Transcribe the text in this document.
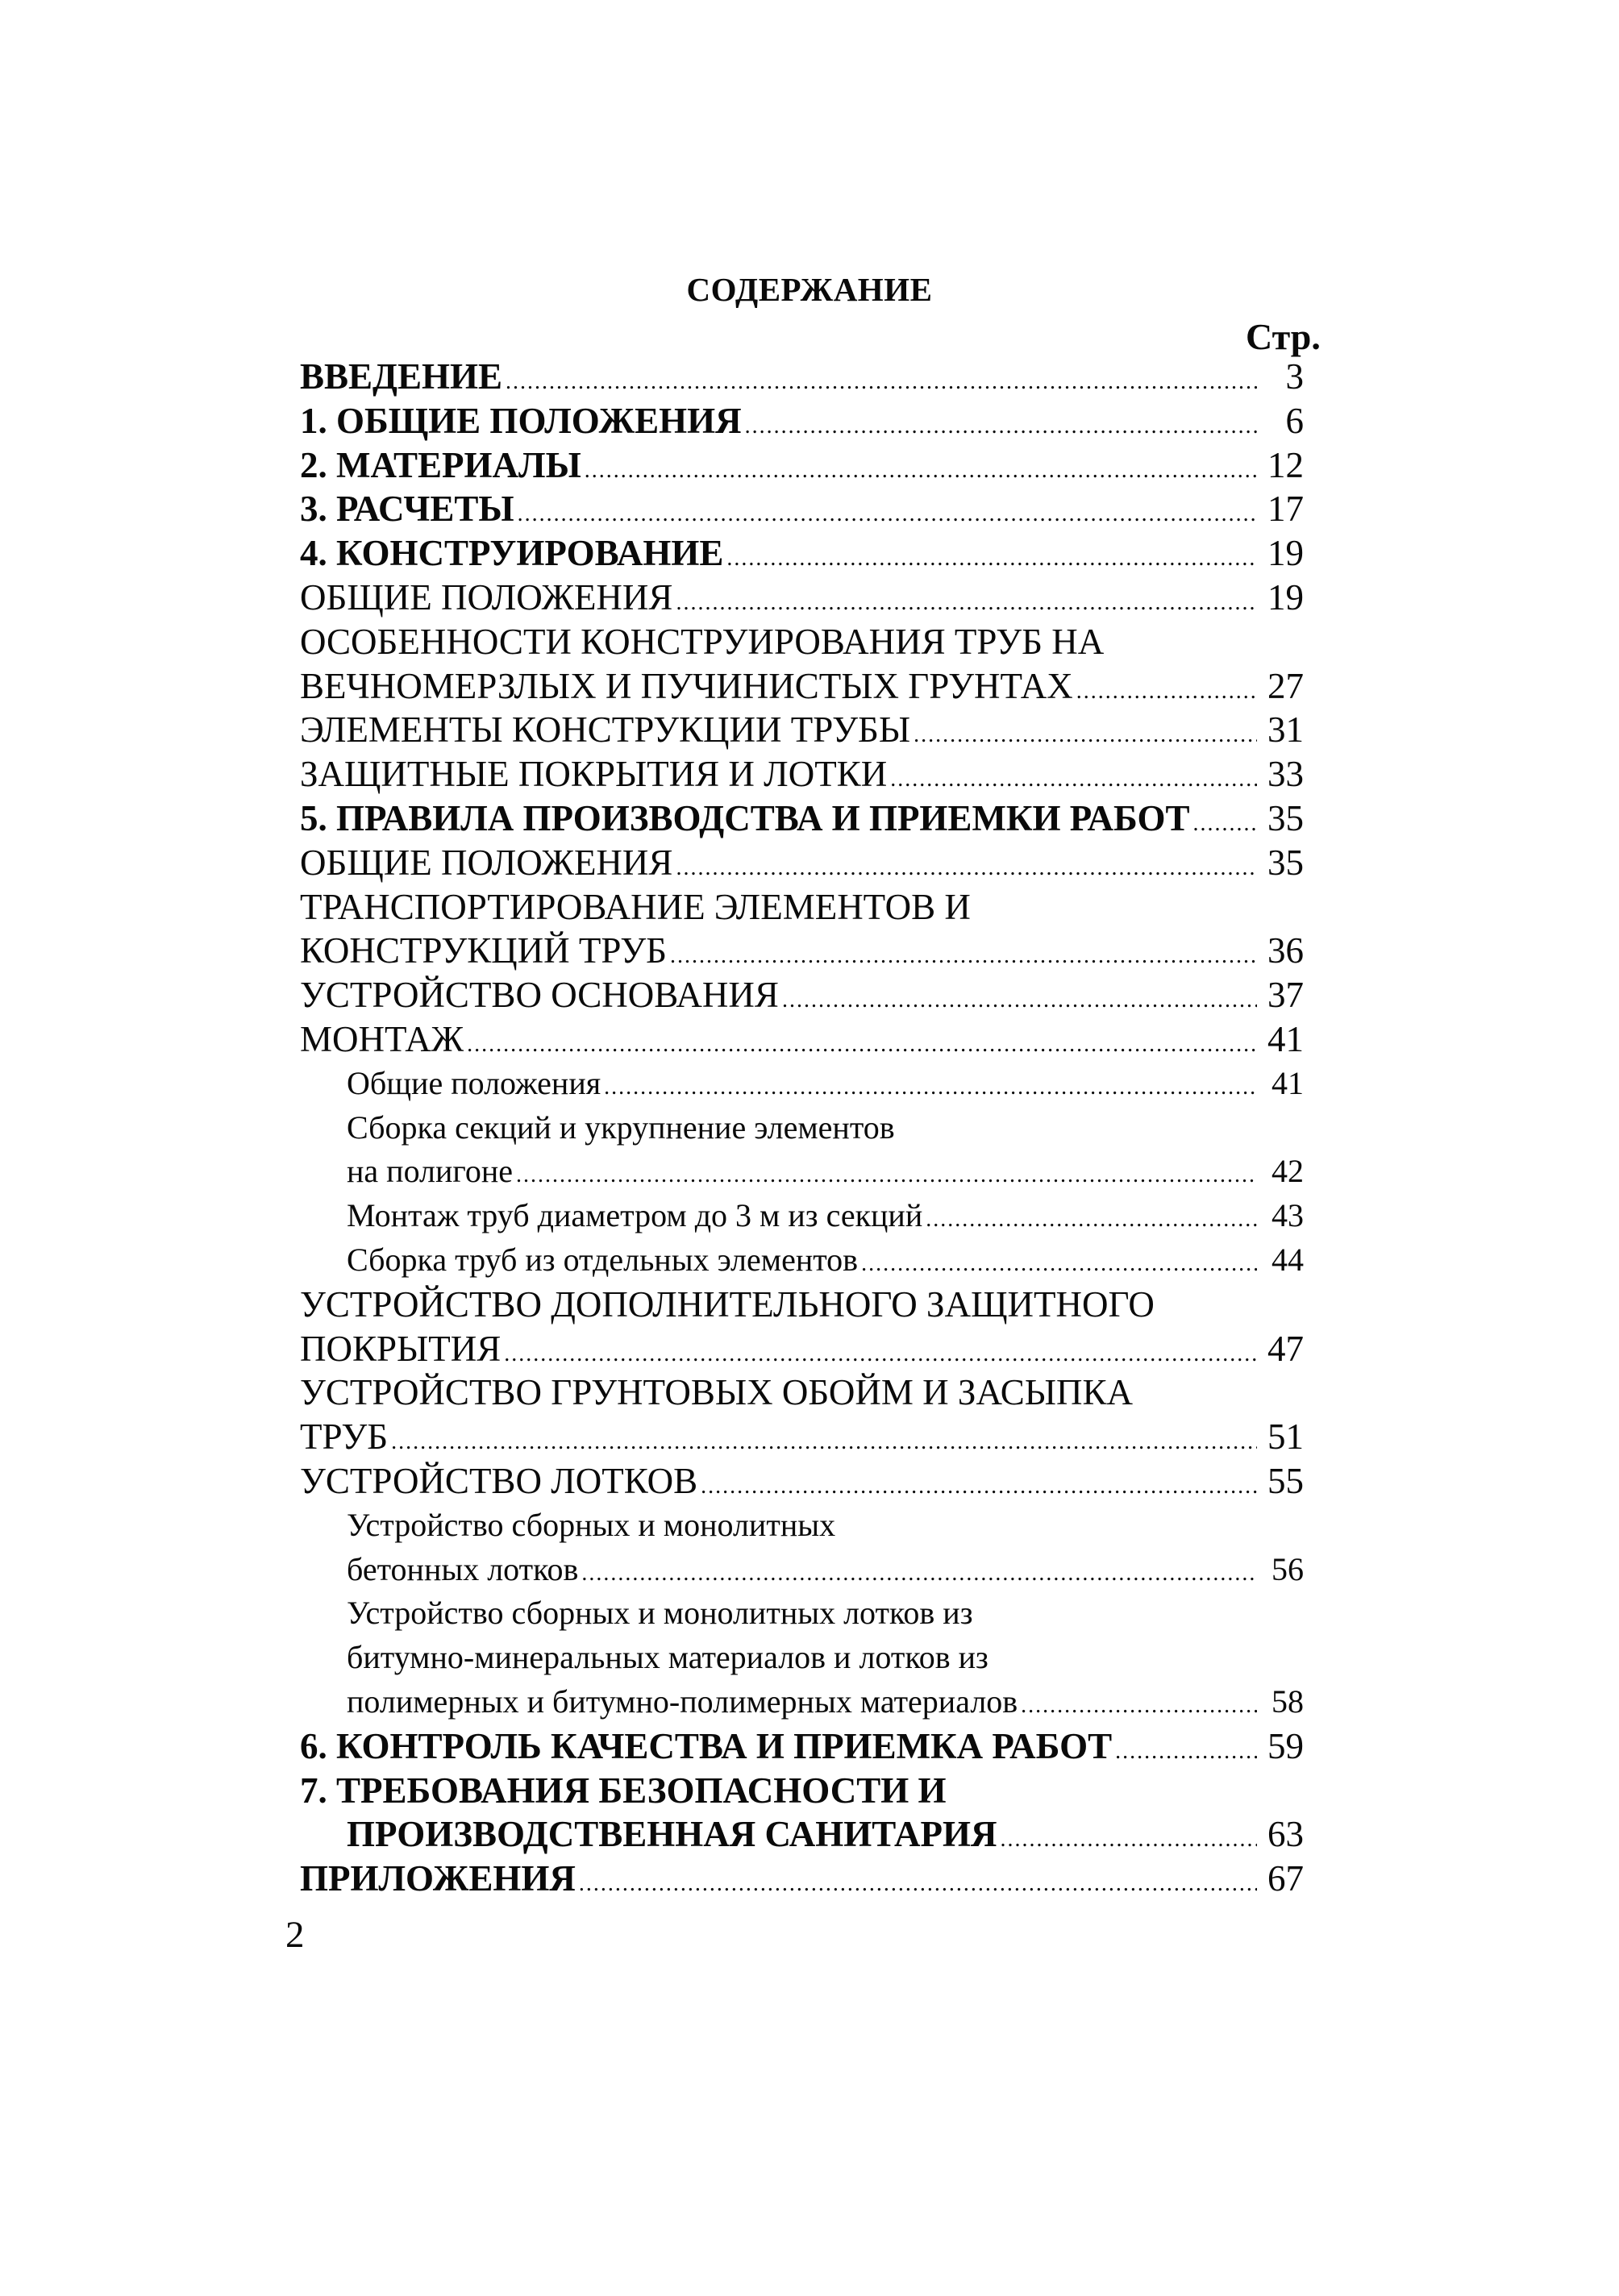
СОДЕРЖАНИЕ
Стр.
ВВЕДЕНИЕ .....	3
1. ОБЩИЕ ПОЛОЖЕНИЯ .....	6
2. МАТЕРИАЛЫ .....	12
3. РАСЧЕТЫ .....	17
4. КОНСТРУИРОВАНИЕ .....	19
ОБЩИЕ ПОЛОЖЕНИЯ .....	19
ОСОБЕННОСТИ КОНСТРУИРОВАНИЯ ТРУБ НА
ВЕЧНОМЕРЗЛЫХ И ПУЧИНИСТЫХ ГРУНТАХ .....	27
ЭЛЕМЕНТЫ КОНСТРУКЦИИ ТРУБЫ .....	31
ЗАЩИТНЫЕ ПОКРЫТИЯ И ЛОТКИ .....	33
5. ПРАВИЛА ПРОИЗВОДСТВА И ПРИЕМКИ РАБОТ ..... 35
ОБЩИЕ ПОЛОЖЕНИЯ .....	35
ТРАНСПОРТИРОВАНИЕ ЭЛЕМЕНТОВ И
КОНСТРУКЦИЙ ТРУБ .....	36
УСТРОЙСТВО ОСНОВАНИЯ .....	37
МОНТАЖ .....	41
Общие положения .....	41
Сборка секций и укрупнение элементов
на полигоне .....	42
Монтаж труб диаметром до 3 м из секций .....	43
Сборка труб из отдельных элементов .....	44
УСТРОЙСТВО ДОПОЛНИТЕЛЬНОГО ЗАЩИТНОГО
ПОКРЫТИЯ .....	47
УСТРОЙСТВО ГРУНТОВЫХ ОБОЙМ И ЗАСЫПКА
ТРУБ .....	51
УСТРОЙСТВО ЛОТКОВ .....	55
Устройство сборных и монолитных
бетонных лотков .....	56
Устройство сборных и монолитных лотков из
битумно-минеральных материалов и лотков из
полимерных и битумно-полимерных материалов .....	58
6. КОНТРОЛЬ КАЧЕСТВА И ПРИЕМКА РАБОТ .....	59
7. ТРЕБОВАНИЯ БЕЗОПАСНОСТИ И
ПРОИЗВОДСТВЕННАЯ САНИТАРИЯ .....	63
ПРИЛОЖЕНИЯ .....	67
2
